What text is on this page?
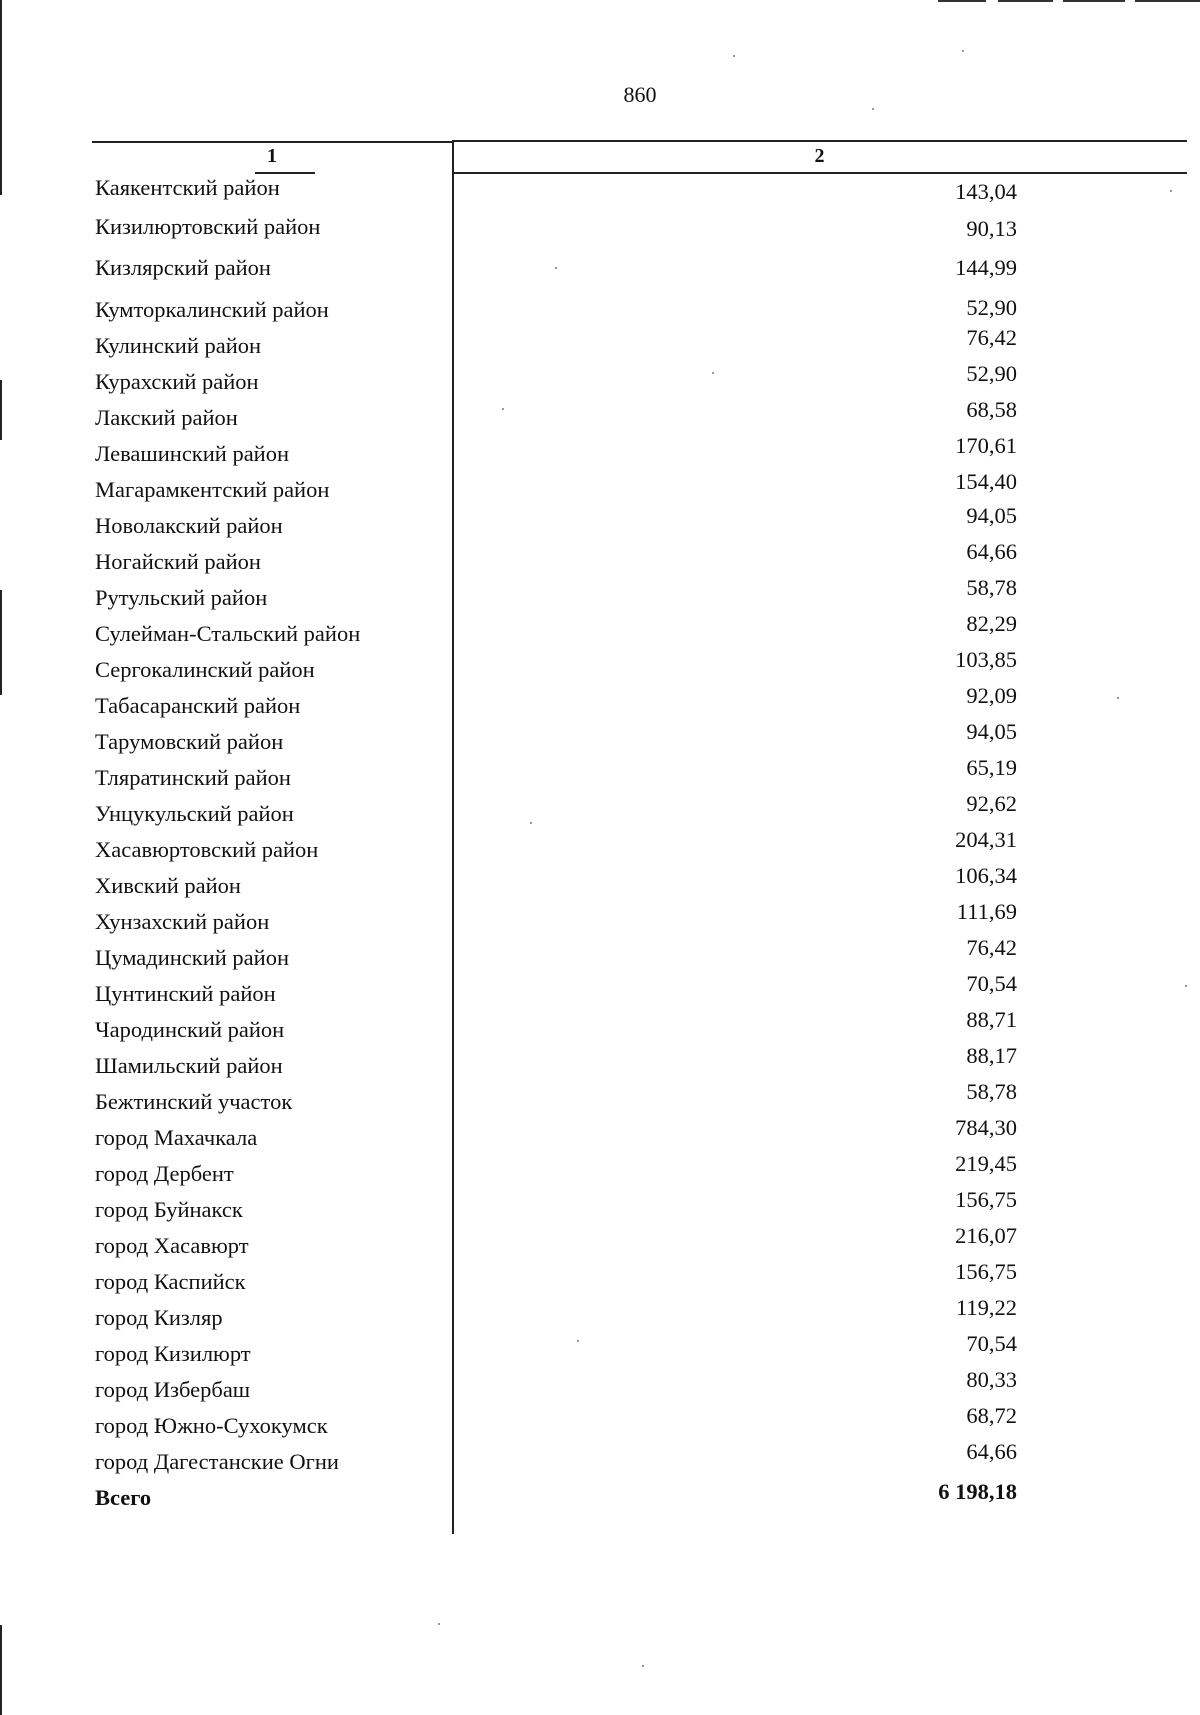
860
1	2
Каякентский район	143,04
Кизилюртовский район	90,13
Кизлярский район	144,99
Кумторкалинский район	52,90
Кулинский район	76,42
Курахский район	52,90
Лакский район	68,58
Левашинский район	170,61
Магарамкентский район	154,40
Новолакский район	94,05
Ногайский район	64,66
Рутульский район	58,78
Сулейман-Стальский район	82,29
Сергокалинский район	103,85
Табасаранский район	92,09
Тарумовский район	94,05
Тляратинский район	65,19
Унцукульский район	92,62
Хасавюртовский район	204,31
Хивский район	106,34
Хунзахский район	111,69
Цумадинский район	76,42
Цунтинский район	70,54
Чародинский район	88,71
Шамильский район	88,17
Бежтинский участок	58,78
город Махачкала	784,30
город Дербент	219,45
город Буйнакск	156,75
город Хасавюрт	216,07
город Каспийск	156,75
город Кизляр	119,22
город Кизилюрт	70,54
город Избербаш	80,33
город Южно-Сухокумск	68,72
город Дагестанские Огни	64,66
Всего	6 198,18
